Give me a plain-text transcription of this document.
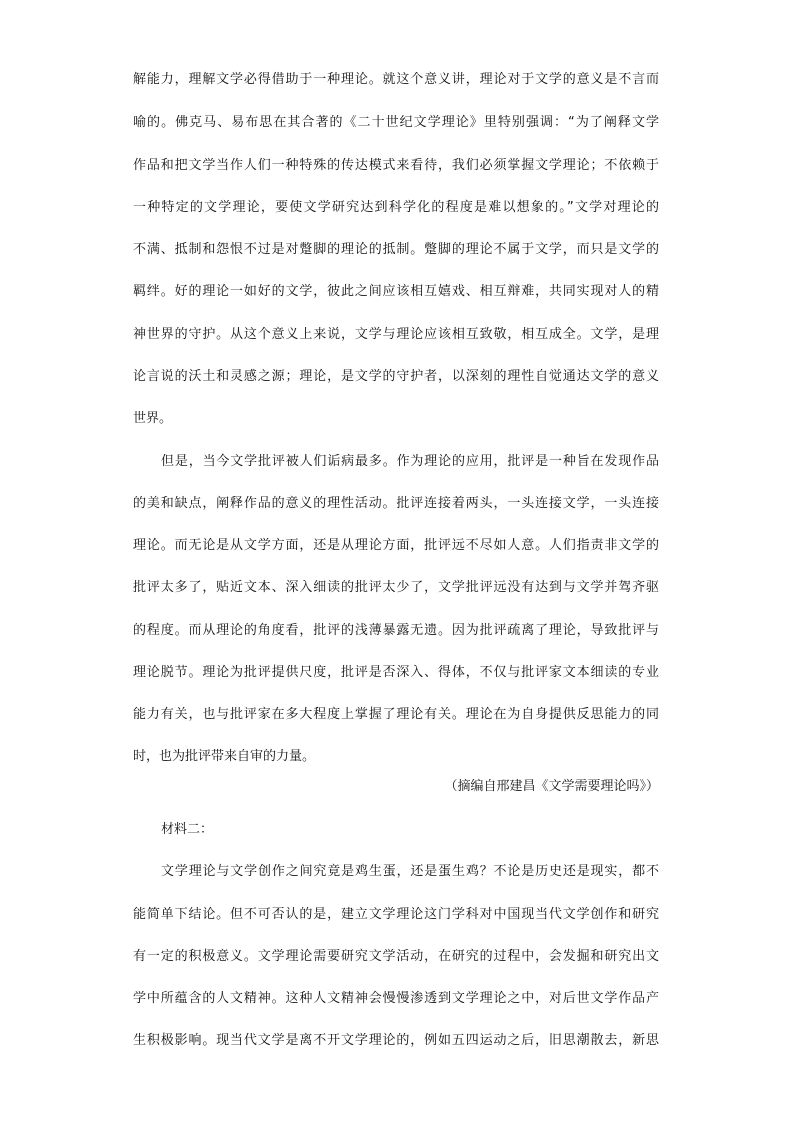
解能力，理解文学必得借助于一种理论。就这个意义讲，理论对于文学的意义是不言而
喻的。佛克马、易布思在其合著的《二十世纪文学理论》里特别强调：“为了阐释文学
作品和把文学当作人们一种特殊的传达模式来看待，我们必须掌握文学理论；不依赖于
一种特定的文学理论，要使文学研究达到科学化的程度是难以想象的。”文学对理论的
不满、抵制和怨恨不过是对蹩脚的理论的抵制。蹩脚的理论不属于文学，而只是文学的
羁绊。好的理论一如好的文学，彼此之间应该相互嬉戏、相互辩难，共同实现对人的精
神世界的守护。从这个意义上来说，文学与理论应该相互致敬，相互成全。文学，是理
论言说的沃土和灵感之源；理论，是文学的守护者，以深刻的理性自觉通达文学的意义
世界。
但是，当今文学批评被人们诟病最多。作为理论的应用，批评是一种旨在发现作品
的美和缺点，阐释作品的意义的理性活动。批评连接着两头，一头连接文学，一头连接
理论。而无论是从文学方面，还是从理论方面，批评远不尽如人意。人们指责非文学的
批评太多了，贴近文本、深入细读的批评太少了，文学批评远没有达到与文学并驾齐驱
的程度。而从理论的角度看，批评的浅薄暴露无遗。因为批评疏离了理论，导致批评与
理论脱节。理论为批评提供尺度，批评是否深入、得体，不仅与批评家文本细读的专业
能力有关，也与批评家在多大程度上掌握了理论有关。理论在为自身提供反思能力的同
时，也为批评带来自审的力量。
（摘编自邢建昌《文学需要理论吗》）
材料二：
文学理论与文学创作之间究竟是鸡生蛋，还是蛋生鸡？不论是历史还是现实，都不
能简单下结论。但不可否认的是，建立文学理论这门学科对中国现当代文学创作和研究
有一定的积极意义。文学理论需要研究文学活动，在研究的过程中，会发掘和研究出文
学中所蕴含的人文精神。这种人文精神会慢慢渗透到文学理论之中，对后世文学作品产
生积极影响。现当代文学是离不开文学理论的，例如五四运动之后，旧思潮散去，新思
